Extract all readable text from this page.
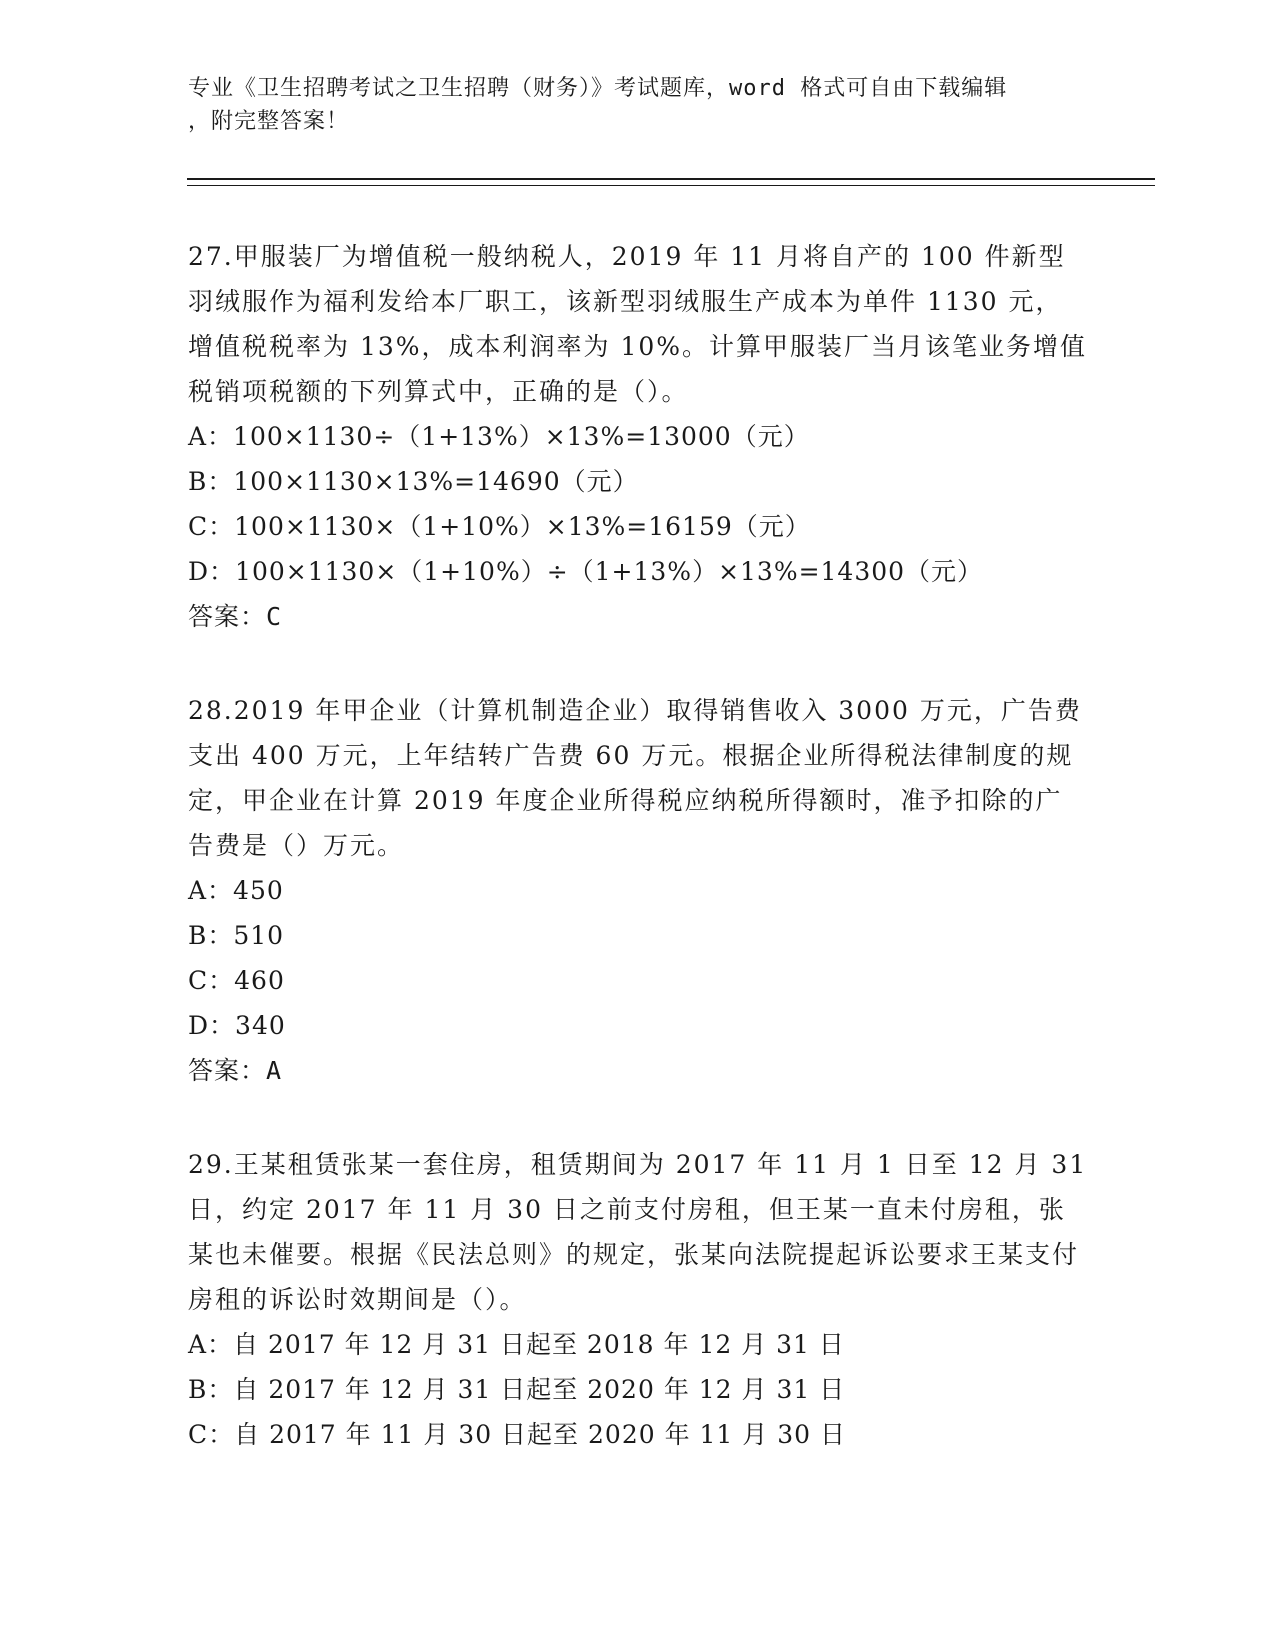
专业《卫生招聘考试之卫生招聘（财务）》考试题库，word 格式可自由下载编辑
，附完整答案！

27.甲服装厂为增值税一般纳税人，2019 年 11 月将自产的 100 件新型羽绒服作为福利发给本厂职工，该新型羽绒服生产成本为单件 1130 元，增值税税率为 13%，成本利润率为 10%。计算甲服装厂当月该笔业务增值税销项税额的下列算式中，正确的是（）。

A：100×1130÷（1+13%）×13%=13000（元）

B：100×1130×13%=14690（元）

C：100×1130×（1+10%）×13%=16159（元）

D：100×1130×（1+10%）÷（1+13%）×13%=14300（元）

答案：C

28.2019 年甲企业（计算机制造企业）取得销售收入 3000 万元，广告费支出 400 万元，上年结转广告费 60 万元。根据企业所得税法律制度的规定，甲企业在计算 2019 年度企业所得税应纳税所得额时，准予扣除的广告费是（）万元。

A：450

B：510

C：460

D：340

答案：A

29.王某租赁张某一套住房，租赁期间为 2017 年 11 月 1 日至 12 月 31 日，约定 2017 年 11 月 30 日之前支付房租，但王某一直未付房租，张某也未催要。根据《民法总则》的规定，张某向法院提起诉讼要求王某支付房租的诉讼时效期间是（）。

A：自 2017 年 12 月 31 日起至 2018 年 12 月 31 日

B：自 2017 年 12 月 31 日起至 2020 年 12 月 31 日

C：自 2017 年 11 月 30 日起至 2020 年 11 月 30 日
